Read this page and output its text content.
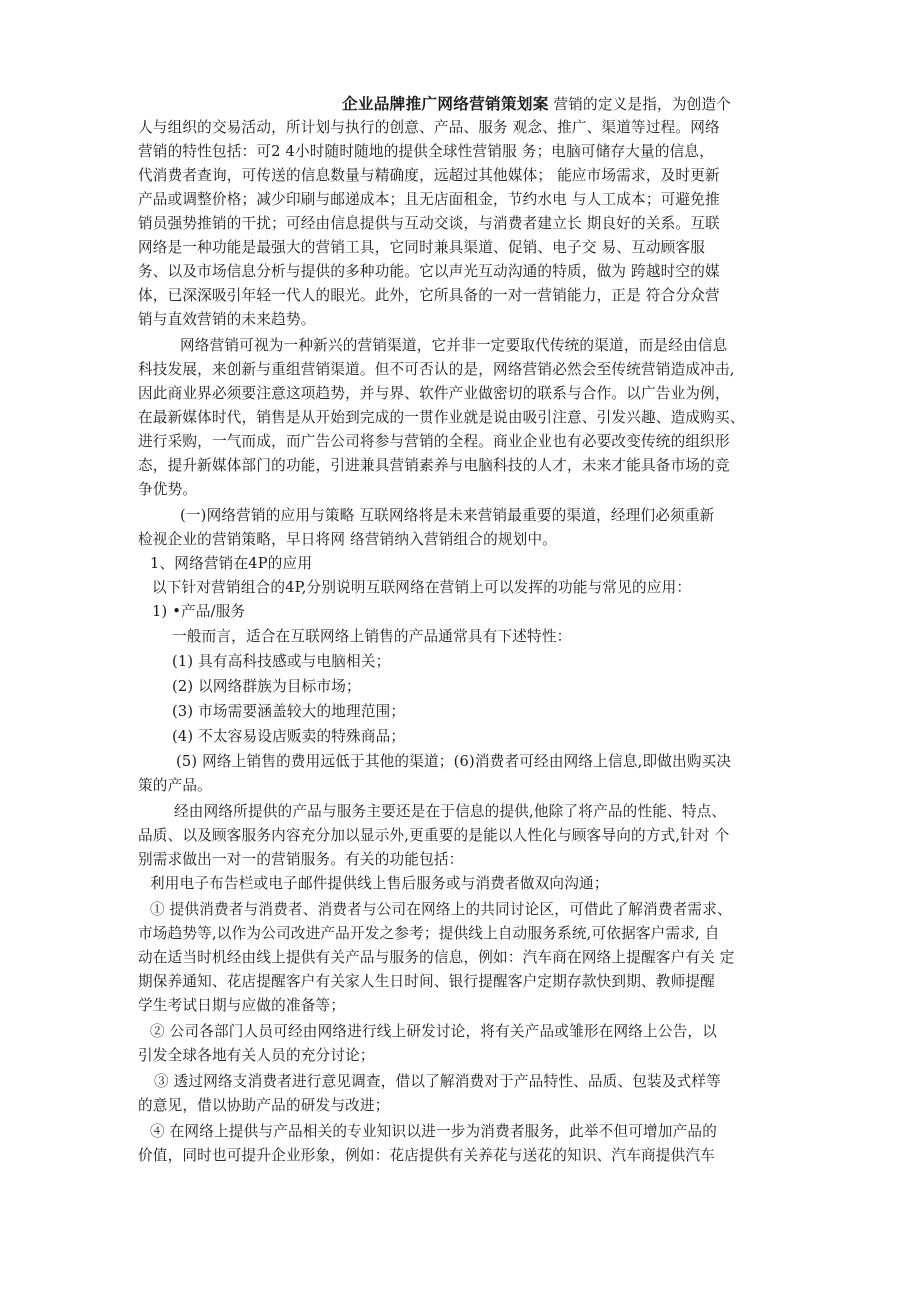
企业品牌推广网络营销策划案 营销的定义是指，为创造个
人与组织的交易活动，所计划与执行的创意、产品、服务 观念、推广、渠道等过程。网络
营销的特性包括：可2 4小时随时随地的提供全球性营销服 务；电脑可储存大量的信息，
代消费者查询，可传送的信息数量与精确度，远超过其他媒体； 能应市场需求，及时更新
产品或调整价格；减少印刷与邮递成本；且无店面租金，节约水电 与人工成本；可避免推
销员强势推销的干扰；可经由信息提供与互动交谈，与消费者建立长 期良好的关系。互联
网络是一种功能是最强大的营销工具，它同时兼具渠道、促销、电子交 易、互动顾客服
务、以及市场信息分析与提供的多种功能。它以声光互动沟通的特质，做为 跨越时空的媒
体，已深深吸引年轻一代人的眼光。此外，它所具备的一对一营销能力，正是 符合分众营
销与直效营销的未来趋势。
网络营销可视为一种新兴的营销渠道，它并非一定要取代传统的渠道，而是经由信息
科技发展，来创新与重组营销渠道。但不可否认的是，网络营销必然会至传统营销造成冲击,
因此商业界必须要注意这项趋势，并与界、软件产业做密切的联系与合作。以广告业为例，
在最新媒体时代，销售是从开始到完成的一贯作业就是说由吸引注意、引发兴趣、造成购买、
进行采购，一气而成，而广告公司将参与营销的全程。商业企业也有必要改变传统的组织形
态，提升新媒体部门的功能，引进兼具营销素养与电脑科技的人才，未来才能具备市场的竞
争优势。
(一)网络营销的应用与策略 互联网络将是未来营销最重要的渠道，经理们必须重新
检视企业的营销策略，早日将网 络营销纳入营销组合的规划中。
1、网络营销在4P的应用
以下针对营销组合的4P,分别说明互联网络在营销上可以发挥的功能与常见的应用：
1) •产品/服务
一般而言，适合在互联网络上销售的产品通常具有下述特性：
(1) 具有高科技感或与电脑相关；
(2) 以网络群族为目标市场；
(3) 市场需要涵盖较大的地理范围；
(4) 不太容易设店贩卖的特殊商品；
(5) 网络上销售的费用远低于其他的渠道；(6)消费者可经由网络上信息,即做出购买决
策的产品。
经由网络所提供的产品与服务主要还是在于信息的提供,他除了将产品的性能、特点、
品质、以及顾客服务内容充分加以显示外,更重要的是能以人性化与顾客导向的方式,针对 个
别需求做出一对一的营销服务。有关的功能包括：
利用电子布告栏或电子邮件提供线上售后服务或与消费者做双向沟通；
① 提供消费者与消费者、消费者与公司在网络上的共同讨论区，可借此了解消费者需求、
市场趋势等,以作为公司改进产品开发之参考；提供线上自动服务系统,可依据客户需求, 自
动在适当时机经由线上提供有关产品与服务的信息，例如：汽车商在网络上提醒客户有关 定
期保养通知、花店提醒客户有关家人生日时间、银行提醒客户定期存款快到期、教师提醒
学生考试日期与应做的准备等；
② 公司各部门人员可经由网络进行线上研发讨论，将有关产品或雏形在网络上公告，以
引发全球各地有关人员的充分讨论；
③ 透过网络支消费者进行意见调查，借以了解消费对于产品特性、品质、包装及式样等
的意见，借以协助产品的研发与改进；
④ 在网络上提供与产品相关的专业知识以进一步为消费者服务，此举不但可增加产品的
价值，同时也可提升企业形象，例如：花店提供有关养花与送花的知识、汽车商提供汽车
